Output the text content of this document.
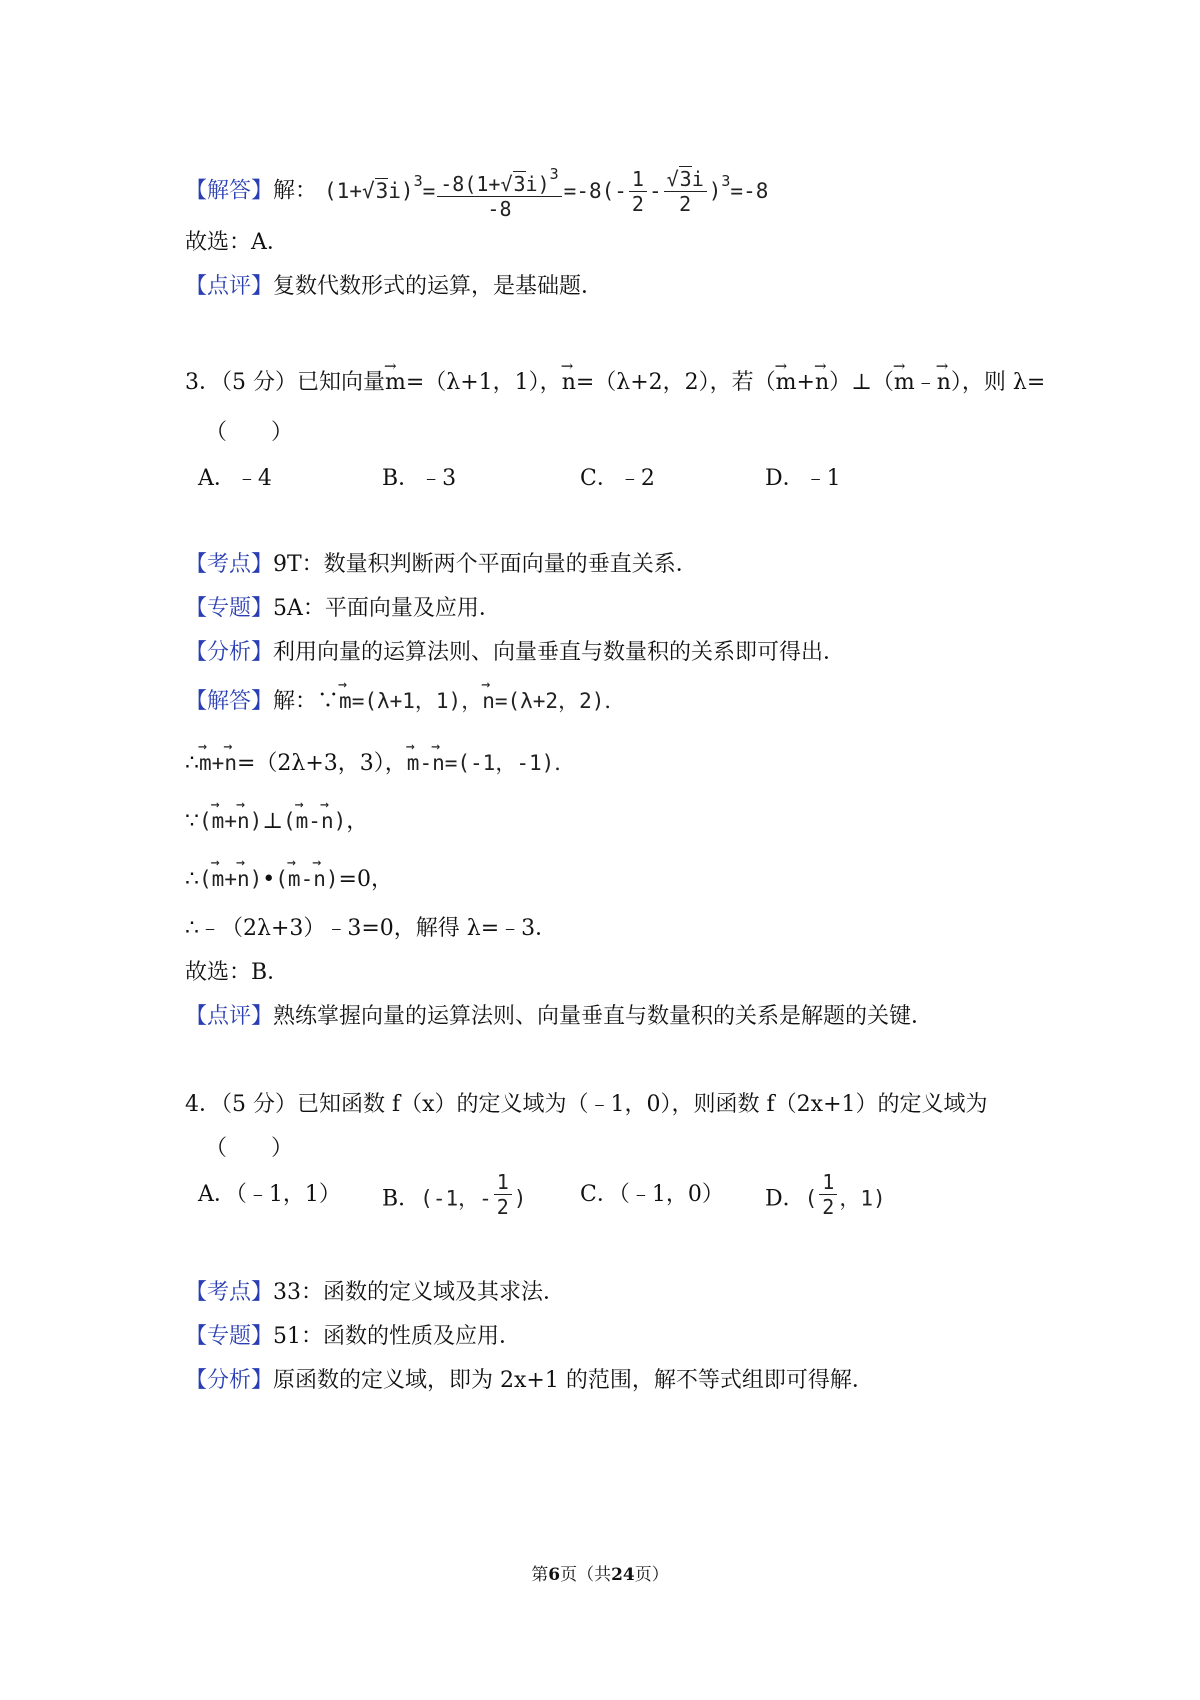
【解答】解： $(1+√3i)^3= \frac{-8(1+√3i)^3}{-8} =-8(- \frac{1}{2} - \frac{√3i}{2} )^3=-8$
故选：A．
【点评】复数代数形式的运算，是基础题．
3．（5 分）已知向量→ m=（λ+1，1），→ n=（λ+2，2），若（→ m+→ n）⊥（→ m﹣→ n），则 λ=
（　　）
A．﹣4	B．﹣3	C．﹣2	D．﹣1
【考点】9T：数量积判断两个平面向量的垂直关系．
【专题】5A：平面向量及应用．
【分析】利用向量的运算法则、向量垂直与数量积的关系即可得出．
【解答】解：∵→ m=(λ+1，1)，→ n=(λ+2，2)．
∴→ m+→ n=（2λ+3，3），→ m-→ n=(-1，-1)．
∵(→ m+→ n)⊥(→ m-→ n)，
∴(→ m+→ n)•(→ m-→ n)=0，
∴﹣（2λ+3）﹣3=0，解得 λ=﹣3．
故选：B．
【点评】熟练掌握向量的运算法则、向量垂直与数量积的关系是解题的关键．
4．（5 分）已知函数 f（x）的定义域为（﹣1，0），则函数 f（2x+1）的定义域为
（　　）
A．（﹣1，1） B．(-1，- $\frac{1}{2}$ ) C．（﹣1，0） D．( $\frac{1}{2}$ ，1)
【考点】33：函数的定义域及其求法．
【专题】51：函数的性质及应用．
【分析】原函数的定义域，即为 2x+1 的范围，解不等式组即可得解．
第6页（共24页）
